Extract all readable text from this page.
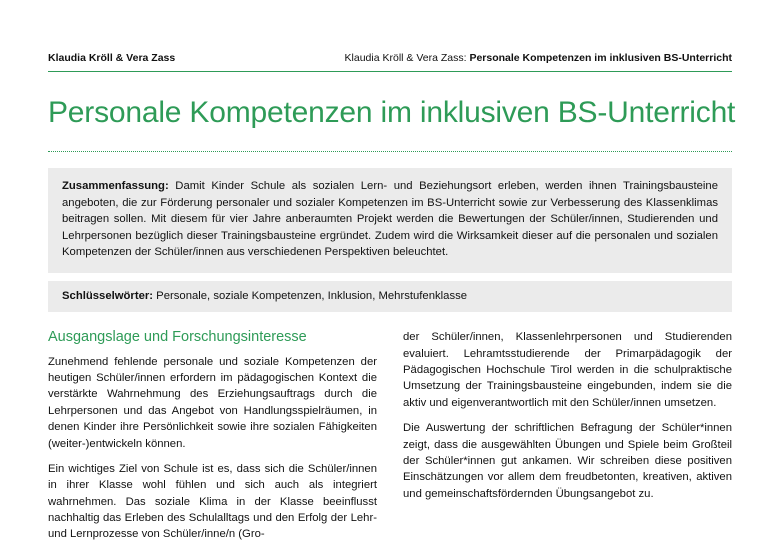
Klaudia Kröll & Vera Zass	Klaudia Kröll & Vera Zass: Personale Kompetenzen im inklusiven BS-Unterricht
Personale Kompetenzen im inklusiven BS-Unterricht
Zusammenfassung: Damit Kinder Schule als sozialen Lern- und Beziehungsort erleben, werden ihnen Trainingsbausteine angeboten, die zur Förderung personaler und sozialer Kompetenzen im BS-Unterricht sowie zur Verbesserung des Klassenklimas beitragen sollen. Mit diesem für vier Jahre anberaumten Projekt werden die Bewertungen der Schüler/innen, Studierenden und Lehrpersonen bezüglich dieser Trainingsbausteine ergründet. Zudem wird die Wirksamkeit dieser auf die personalen und sozialen Kompetenzen der Schüler/innen aus verschiedenen Perspektiven beleuchtet.
Schlüsselwörter: Personale, soziale Kompetenzen, Inklusion, Mehrstufenklasse
Ausgangslage und Forschungsinteresse

Zunehmend fehlende personale und soziale Kompetenzen der heutigen Schüler/innen erfordern im pädagogischen Kontext die verstärkte Wahrnehmung des Erziehungsauftrags durch die Lehrpersonen und das Angebot von Handlungsspielräumen, in denen Kinder ihre Persönlichkeit sowie ihre sozialen Fähigkeiten (weiter-)entwickeln können.

Ein wichtiges Ziel von Schule ist es, dass sich die Schüler/innen in ihrer Klasse wohl fühlen und sich auch als integriert wahrnehmen. Das soziale Klima in der Klasse beeinflusst nachhaltig das Erleben des Schulalltags und den Erfolg der Lehr- und Lernprozesse von Schüler/inne/n (Gro-

der Schüler/innen, Klassenlehrpersonen und Studierenden evaluiert. Lehramtsstudierende der Primarpädagogik der Pädagogischen Hochschule Tirol werden in die schulpraktische Umsetzung der Trainingsbausteine eingebunden, indem sie die aktiv und eigenverantwortlich mit den Schüler/innen umsetzen.

Die Auswertung der schriftlichen Befragung der Schüler*innen zeigt, dass die ausgewählten Übungen und Spiele beim Großteil der Schüler*innen gut ankamen. Wir schreiben diese positiven Einschätzungen vor allem dem freudbetonten, kreativen, aktiven und gemeinschaftsfördernden Übungsangebot zu.
